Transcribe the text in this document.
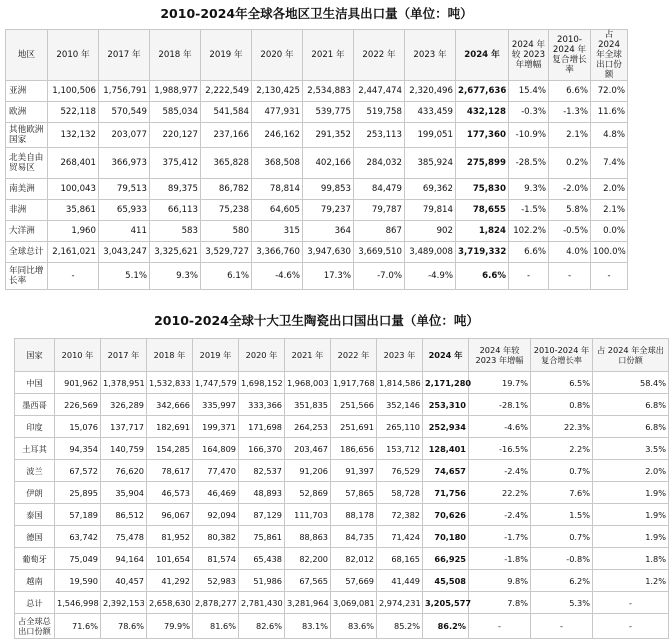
2010-2024年全球各地区卫生洁具出口量（单位：吨）
地区	2010 年	2017 年	2018 年	2019 年	2020 年	2021 年	2022 年	2023 年	2024 年	2024 年较 2023 年增幅	2010-2024 年复合增长率	占 2024 年全球出口份额
亚洲	1,100,506	1,756,791	1,988,977	2,222,549	2,130,425	2,534,883	2,447,474	2,320,496	2,677,636	15.4%	6.6%	72.0%
欧洲	522,118	570,549	585,034	541,584	477,931	539,775	519,758	433,459	432,128	-0.3%	-1.3%	11.6%
其他欧洲国家	132,132	203,077	220,127	237,166	246,162	291,352	253,113	199,051	177,360	-10.9%	2.1%	4.8%
北美自由贸易区	268,401	366,973	375,412	365,828	368,508	402,166	284,032	385,924	275,899	-28.5%	0.2%	7.4%
南美洲	100,043	79,513	89,375	86,782	78,814	99,853	84,479	69,362	75,830	9.3%	-2.0%	2.0%
非洲	35,861	65,933	66,113	75,238	64,605	79,237	79,787	79,814	78,655	-1.5%	5.8%	2.1%
大洋洲	1,960	411	583	580	315	364	867	902	1,824	102.2%	-0.5%	0.0%
全球总计	2,161,021	3,043,247	3,325,621	3,529,727	3,366,760	3,947,630	3,669,510	3,489,008	3,719,332	6.6%	4.0%	100.0%
年同比增长率	-	5.1%	9.3%	6.1%	-4.6%	17.3%	-7.0%	-4.9%	6.6%	-	-	-
2010-2024全球十大卫生陶瓷出口国出口量（单位：吨）
国家	2010 年	2017 年	2018 年	2019 年	2020 年	2021 年	2022 年	2023 年	2024 年	2024 年较 2023 年增幅	2010-2024 年复合增长率	占 2024 年全球出口份额
中国	901,962	1,378,951	1,532,833	1,747,579	1,698,152	1,968,003	1,917,768	1,814,586	2,171,280	19.7%	6.5%	58.4%
墨西哥	226,569	326,289	342,666	335,997	333,366	351,835	251,566	352,146	253,310	-28.1%	0.8%	6.8%
印度	15,076	137,717	182,691	199,371	171,698	264,253	251,691	265,110	252,934	-4.6%	22.3%	6.8%
土耳其	94,354	140,759	154,285	164,809	166,370	203,467	186,656	153,712	128,401	-16.5%	2.2%	3.5%
波兰	67,572	76,620	78,617	77,470	82,537	91,206	91,397	76,529	74,657	-2.4%	0.7%	2.0%
伊朗	25,895	35,904	46,573	46,469	48,893	52,869	57,865	58,728	71,756	22.2%	7.6%	1.9%
泰国	57,189	86,512	96,067	92,094	87,129	111,703	88,178	72,382	70,626	-2.4%	1.5%	1.9%
德国	63,742	75,478	81,952	80,382	75,861	88,863	84,735	71,424	70,180	-1.7%	0.7%	1.9%
葡萄牙	75,049	94,164	101,654	81,574	65,438	82,200	82,012	68,165	66,925	-1.8%	-0.8%	1.8%
越南	19,590	40,457	41,292	52,983	51,986	67,565	57,669	41,449	45,508	9.8%	6.2%	1.2%
总计	1,546,998	2,392,153	2,658,630	2,878,277	2,781,430	3,281,964	3,069,081	2,974,231	3,205,577	7.8%	5.3%	-
占全球总出口份额	71.6%	78.6%	79.9%	81.6%	82.6%	83.1%	83.6%	85.2%	86.2%	-	-	-
